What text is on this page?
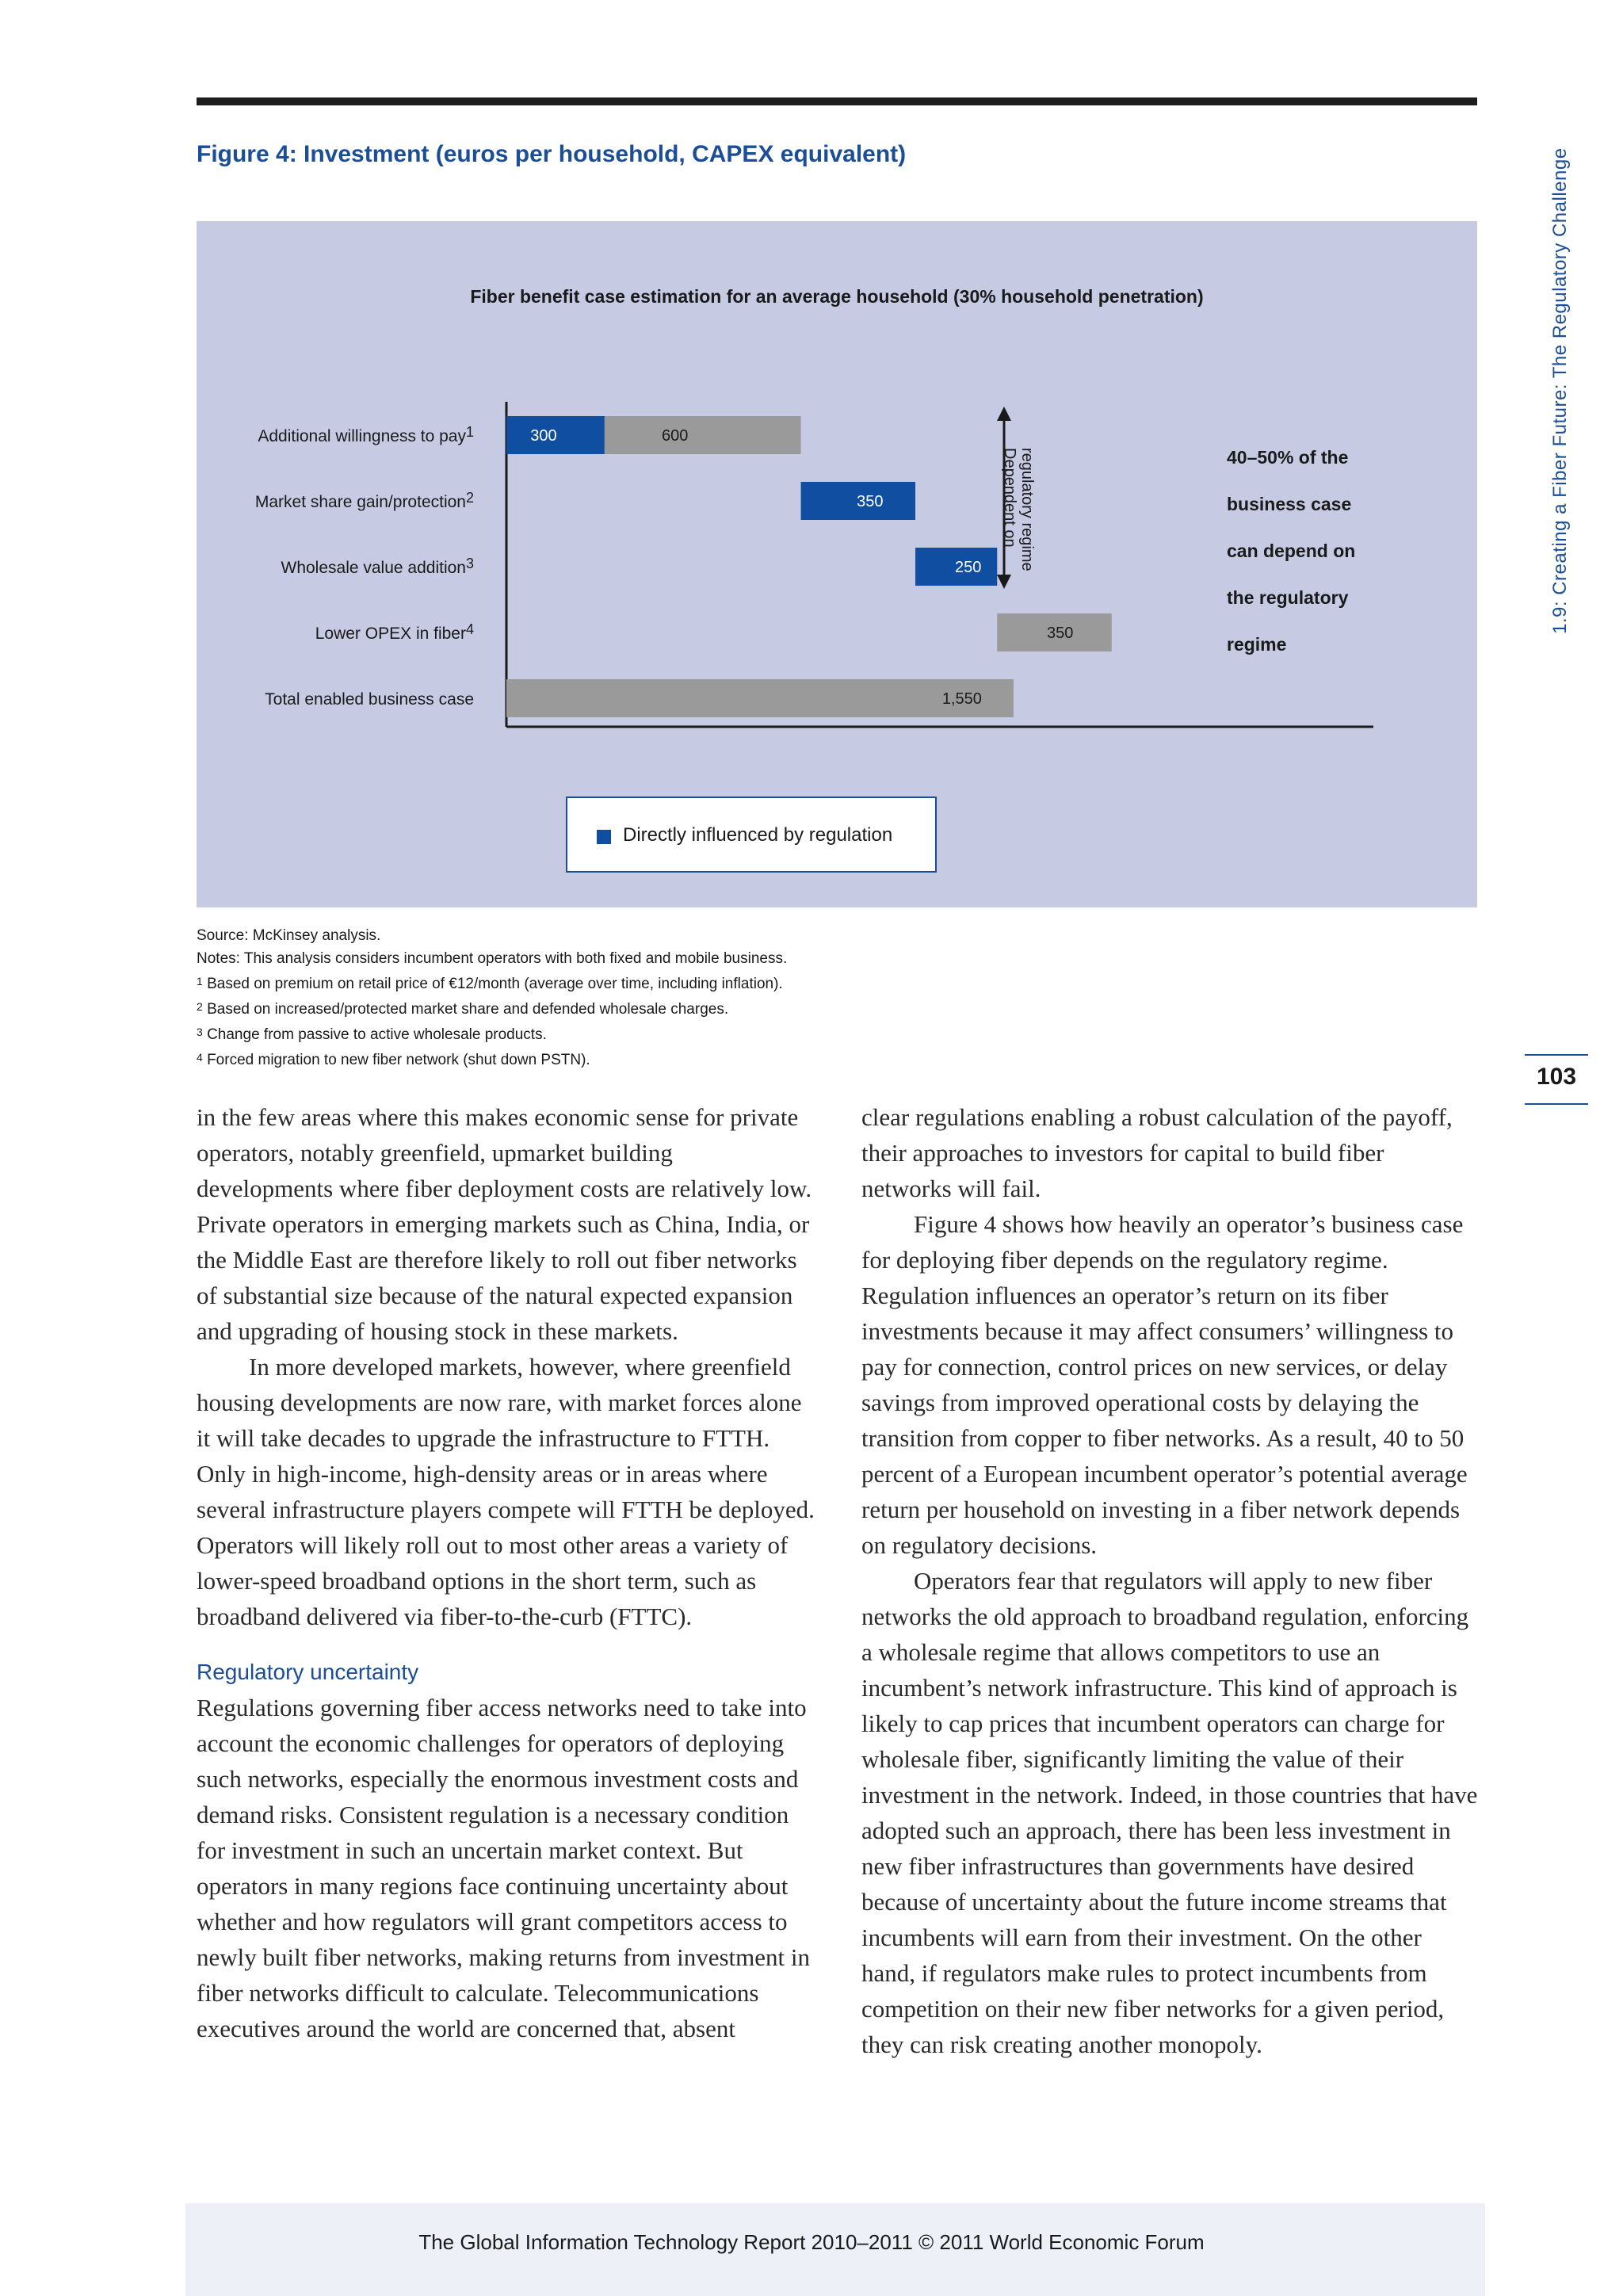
Figure 4: Investment (euros per household, CAPEX equivalent)	1.9: Creating a Fiber Future: The Regulatory Challenge
103
Fiber benefit case estimation for an average household (30% household penetration)
Additional willingness to pay1
Market share gain/protection2
Wholesale value addition3
Lower OPEX in fiber4
Total enabled business case
300	600
350
250
350
1,550
Dependent on regulatory regime	40–50% of the
business case
can depend on
the regulatory
regime
Directly influenced by regulation
Source: McKinsey analysis.
Notes: This analysis considers incumbent operators with both fixed and mobile business.
$^1$ Based on premium on retail price of €12/month (average over time, including inflation).
$^2$ Based on increased/protected market share and defended wholesale charges.
$^3$ Change from passive to active wholesale products.
$^4$ Forced migration to new fiber network (shut down PSTN).

in the few areas where this makes economic sense for private operators, notably greenfield, upmarket building developments where fiber deployment costs are relatively low. Private operators in emerging markets such as China, India, or the Middle East are therefore likely to roll out fiber networks of substantial size because of the natural expected expansion and upgrading of housing stock in these markets.

In more developed markets, however, where greenfield housing developments are now rare, with market forces alone it will take decades to upgrade the infrastructure to FTTH. Only in high-income, high-density areas or in areas where several infrastructure players compete will FTTH be deployed. Operators will likely roll out to most other areas a variety of lower-speed broadband options in the short term, such as broadband delivered via fiber-to-the-curb (FTTC).

Regulatory uncertainty

Regulations governing fiber access networks need to take into account the economic challenges for operators of deploying such networks, especially the enormous investment costs and demand risks. Consistent regulation is a necessary condition for investment in such an uncertain market context. But operators in many regions face continuing uncertainty about whether and how regulators will grant competitors access to newly built fiber networks, making returns from investment in fiber networks difficult to calculate. Telecommunications executives around the world are concerned that, absent

clear regulations enabling a robust calculation of the payoff, their approaches to investors for capital to build fiber networks will fail.

Figure 4 shows how heavily an operator’s business case for deploying fiber depends on the regulatory regime. Regulation influences an operator’s return on its fiber investments because it may affect consumers’ willingness to pay for connection, control prices on new services, or delay savings from improved operational costs by delaying the transition from copper to fiber networks. As a result, 40 to 50 percent of a European incumbent operator’s potential average return per household on investing in a fiber network depends on regulatory decisions.

Operators fear that regulators will apply to new fiber networks the old approach to broadband regulation, enforcing a wholesale regime that allows competitors to use an incumbent’s network infrastructure. This kind of approach is likely to cap prices that incumbent operators can charge for wholesale fiber, significantly limiting the value of their investment in the network. Indeed, in those countries that have adopted such an approach, there has been less investment in new fiber infrastructures than governments have desired because of uncertainty about the future income streams that incumbents will earn from their investment. On the other hand, if regulators make rules to protect incumbents from competition on their new fiber networks for a given period, they can risk creating another monopoly.

The Global Information Technology Report 2010–2011 © 2011 World Economic Forum
